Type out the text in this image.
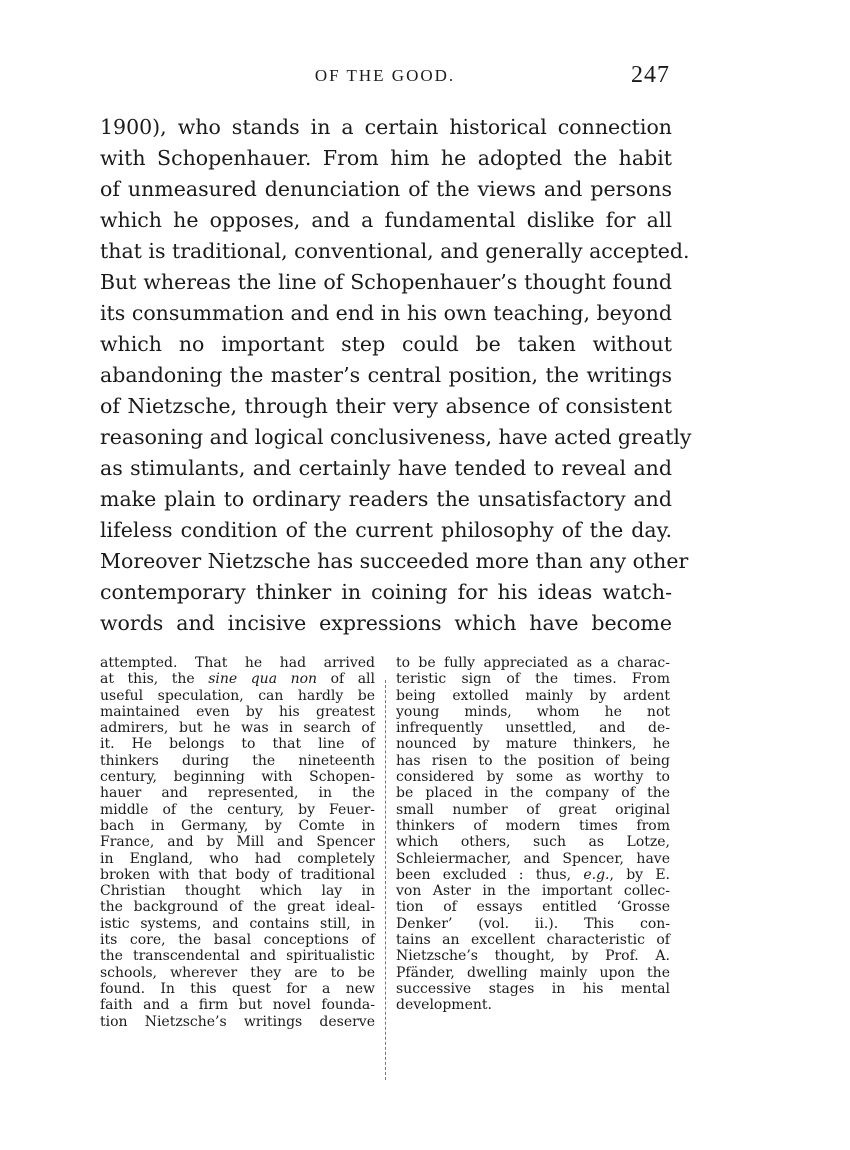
OF THE GOOD.	247
1900), who stands in a certain historical connection
with Schopenhauer. From him he adopted the habit
of unmeasured denunciation of the views and persons
which he opposes, and a fundamental dislike for all
that is traditional, conventional, and generally accepted.
But whereas the line of Schopenhauer’s thought found
its consummation and end in his own teaching, beyond
which no important step could be taken without
abandoning the master’s central position, the writings
of Nietzsche, through their very absence of consistent
reasoning and logical conclusiveness, have acted greatly
as stimulants, and certainly have tended to reveal and
make plain to ordinary readers the unsatisfactory and
lifeless condition of the current philosophy of the day.
Moreover Nietzsche has succeeded more than any other
contemporary thinker in coining for his ideas watch-
words and incisive expressions which have become
attempted. That he had arrived
at this, the sine qua non of all
useful speculation, can hardly be
maintained even by his greatest
admirers, but he was in search of
it. He belongs to that line of
thinkers during the nineteenth
century, beginning with Schopen-
hauer and represented, in the
middle of the century, by Feuer-
bach in Germany, by Comte in
France, and by Mill and Spencer
in England, who had completely
broken with that body of traditional
Christian thought which lay in
the background of the great ideal-
istic systems, and contains still, in
its core, the basal conceptions of
the transcendental and spiritualistic
schools, wherever they are to be
found. In this quest for a new
faith and a firm but novel founda-
tion Nietzsche’s writings deserve
to be fully appreciated as a charac-
teristic sign of the times. From
being extolled mainly by ardent
young minds, whom he not
infrequently unsettled, and de-
nounced by mature thinkers, he
has risen to the position of being
considered by some as worthy to
be placed in the company of the
small number of great original
thinkers of modern times from
which others, such as Lotze,
Schleiermacher, and Spencer, have
been excluded : thus, e.g., by E.
von Aster in the important collec-
tion of essays entitled ‘Grosse
Denker’ (vol. ii.). This con-
tains an excellent characteristic of
Nietzsche’s thought, by Prof. A.
Pfänder, dwelling mainly upon the
successive stages in his mental
development.
